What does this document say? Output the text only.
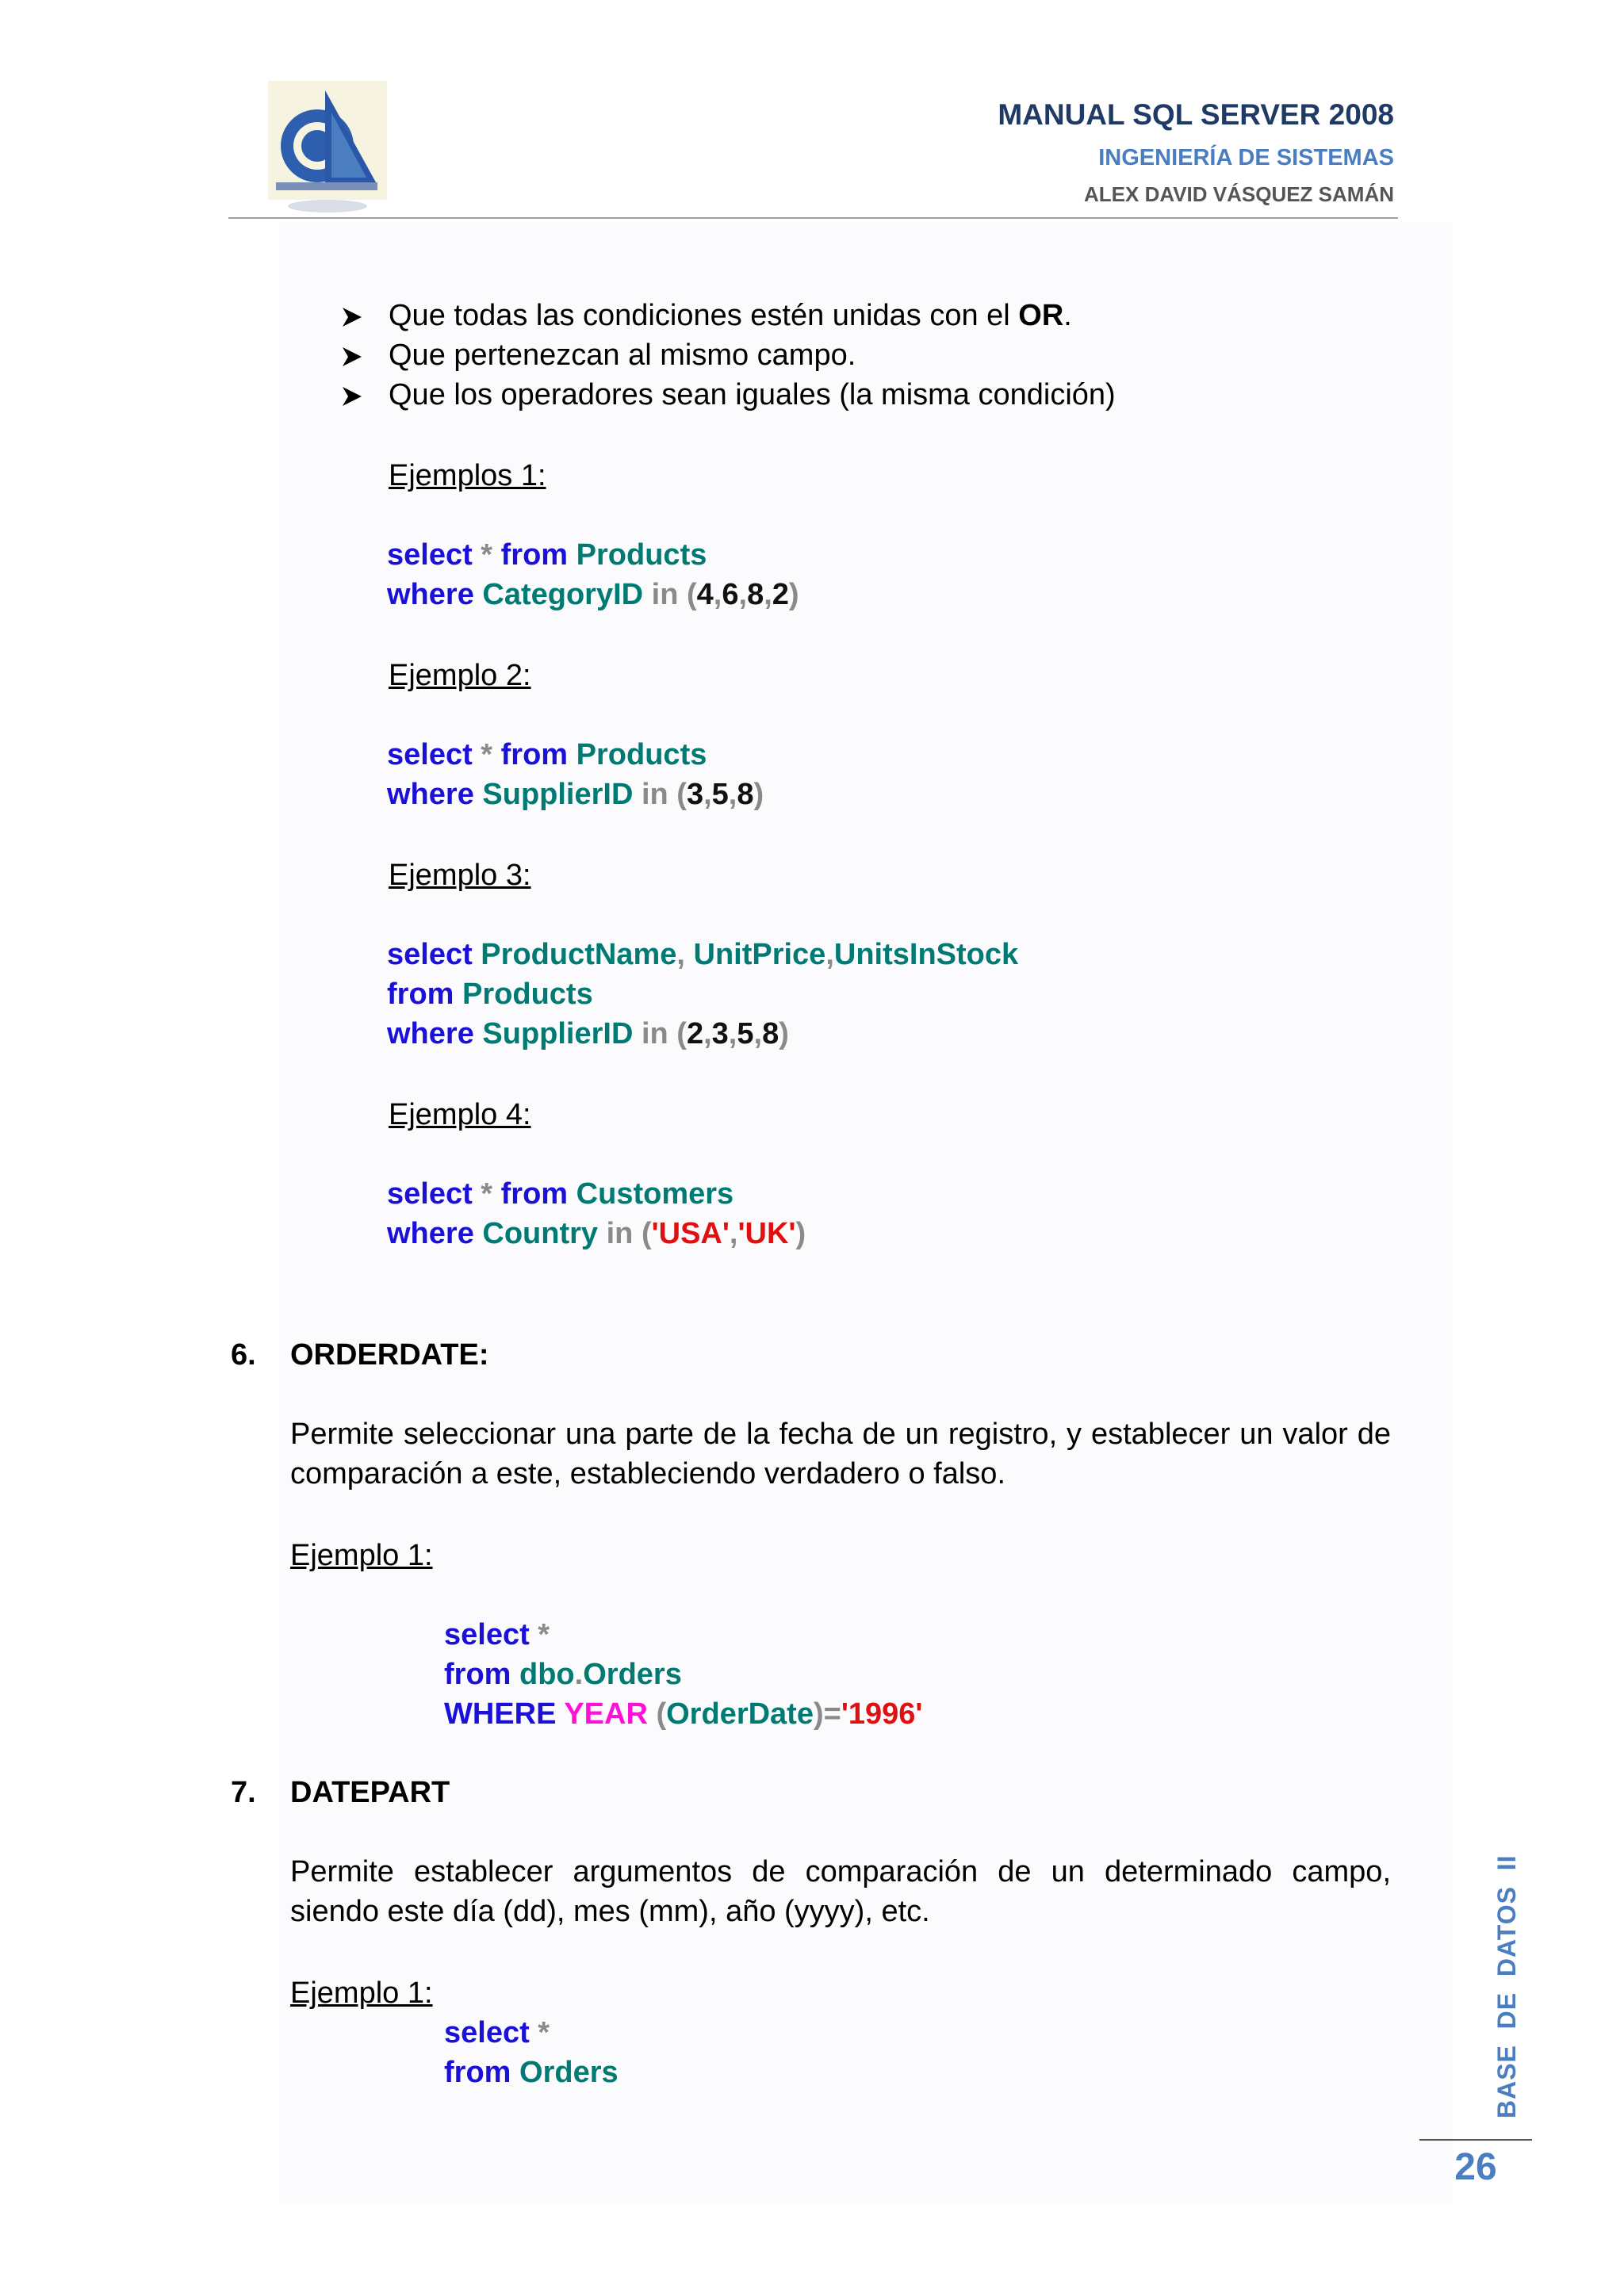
MANUAL SQL SERVER 2008
INGENIERÍA DE SISTEMAS
ALEX DAVID VÁSQUEZ SAMÁN
Que todas las condiciones estén unidas con el OR.
Que pertenezcan al mismo campo.
Que los operadores sean iguales (la misma condición)
Ejemplos 1:
select * from Products
where CategoryID in (4,6,8,2)
Ejemplo 2:
select * from Products
where SupplierID in (3,5,8)
Ejemplo 3:
select ProductName, UnitPrice,UnitsInStock
from Products
where SupplierID in (2,3,5,8)
Ejemplo 4:
select * from Customers
where Country in ('USA','UK')
6. ORDERDATE:
Permite seleccionar una parte de la fecha de un registro, y establecer un valor de comparación a este, estableciendo verdadero o falso.
Ejemplo 1:
select *
from dbo.Orders
WHERE YEAR (OrderDate)='1996'
7. DATEPART
Permite establecer argumentos de comparación de un determinado campo, siendo este día (dd), mes (mm), año (yyyy), etc.
Ejemplo 1:
select *
from Orders	BASE  DE  DATOS  II
26
